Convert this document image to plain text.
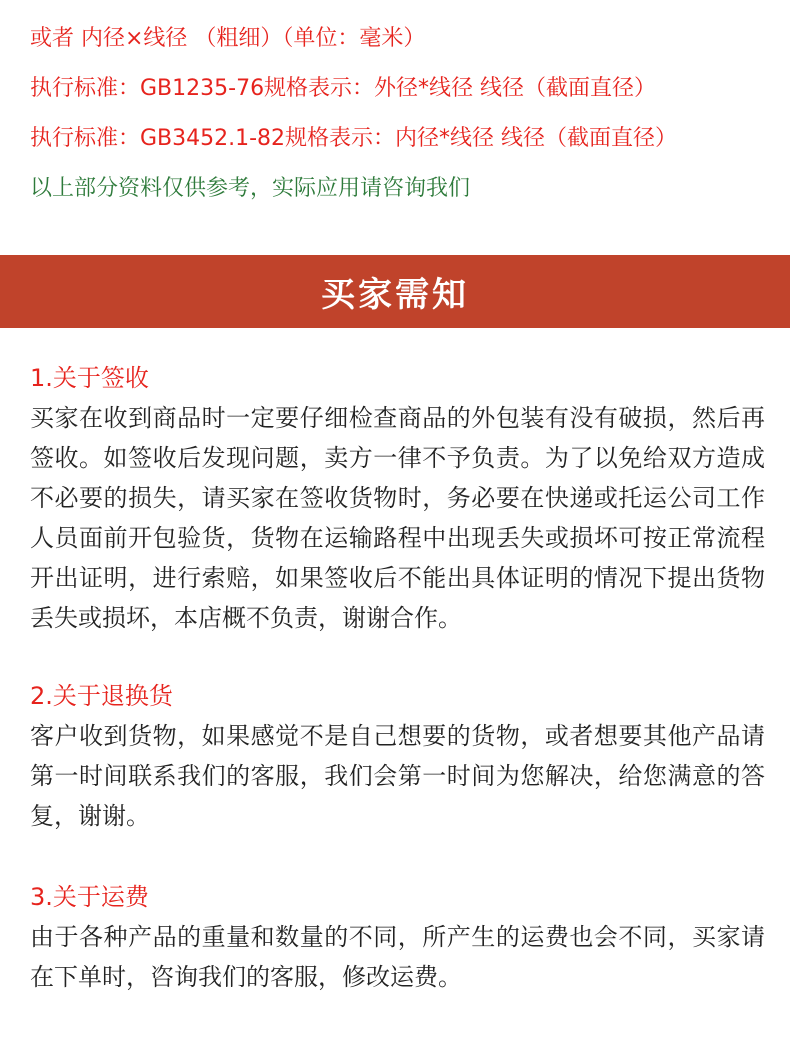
或者 内径×线径 （粗细）（单位：毫米）
执行标准：GB1235-76规格表示：外径*线径 线径（截面直径）
执行标准：GB3452.1-82规格表示：内径*线径 线径（截面直径）
以上部分资料仅供参考，实际应用请咨询我们
买家需知
1.关于签收

买家在收到商品时一定要仔细检查商品的外包装有没有破损，然后再签收。如签收后发现问题，卖方一律不予负责。为了以免给双方造成不必要的损失，请买家在签收货物时，务必要在快递或托运公司工作人员面前开包验货，货物在运输路程中出现丢失或损坏可按正常流程开出证明，进行索赔，如果签收后不能出具体证明的情况下提出货物丢失或损坏，本店概不负责，谢谢合作。

2.关于退换货

客户收到货物，如果感觉不是自己想要的货物，或者想要其他产品请第一时间联系我们的客服，我们会第一时间为您解决，给您满意的答复，谢谢。

3.关于运费

由于各种产品的重量和数量的不同，所产生的运费也会不同，买家请在下单时，咨询我们的客服，修改运费。
